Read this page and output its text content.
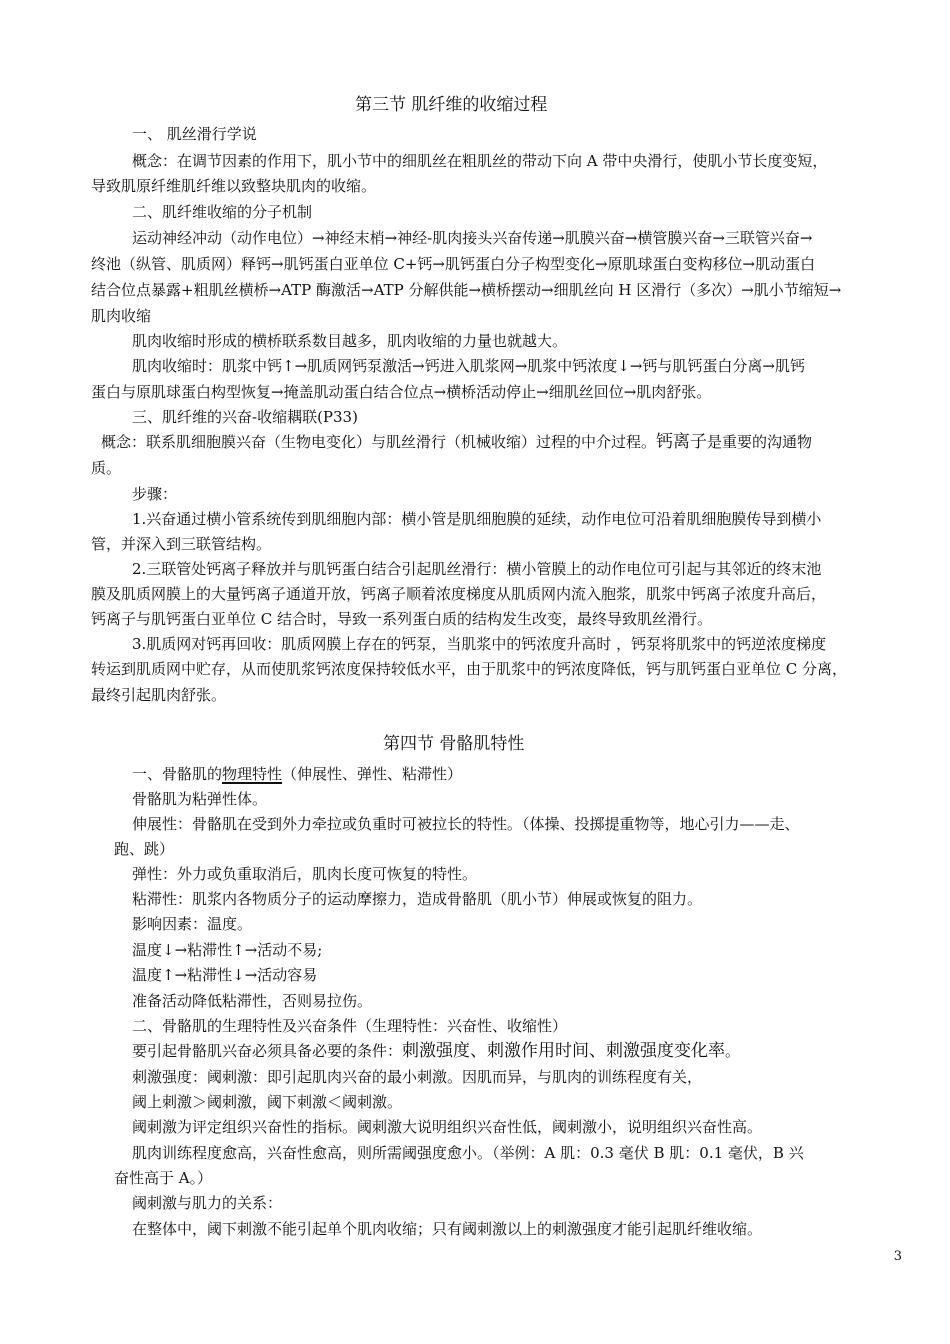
第三节 肌纤维的收缩过程
一、 肌丝滑行学说
概念：在调节因素的作用下，肌小节中的细肌丝在粗肌丝的带动下向 A 带中央滑行，使肌小节长度变短，
导致肌原纤维肌纤维以致整块肌肉的收缩。
二、肌纤维收缩的分子机制
运动神经冲动（动作电位）→神经末梢→神经-肌肉接头兴奋传递→肌膜兴奋→横管膜兴奋→三联管兴奋→
终池（纵管、肌质网）释钙→肌钙蛋白亚单位 C+钙→肌钙蛋白分子构型变化→原肌球蛋白变构移位→肌动蛋白
结合位点暴露+粗肌丝横桥→ATP 酶激活→ATP 分解供能→横桥摆动→细肌丝向 H 区滑行（多次）→肌小节缩短→
肌肉收缩
肌肉收缩时形成的横桥联系数目越多，肌肉收缩的力量也就越大。
肌肉收缩时：肌浆中钙↑→肌质网钙泵激活→钙进入肌浆网→肌浆中钙浓度↓→钙与肌钙蛋白分离→肌钙
蛋白与原肌球蛋白构型恢复→掩盖肌动蛋白结合位点→横桥活动停止→细肌丝回位→肌肉舒张。
三、肌纤维的兴奋-收缩耦联(P33)
概念：联系肌细胞膜兴奋（生物电变化）与肌丝滑行（机械收缩）过程的中介过程。钙离子是重要的沟通物
质。
步骤：
1.兴奋通过横小管系统传到肌细胞内部：横小管是肌细胞膜的延续，动作电位可沿着肌细胞膜传导到横小
管，并深入到三联管结构。
2.三联管处钙离子释放并与肌钙蛋白结合引起肌丝滑行：横小管膜上的动作电位可引起与其邻近的终末池
膜及肌质网膜上的大量钙离子通道开放，钙离子顺着浓度梯度从肌质网内流入胞浆，肌浆中钙离子浓度升高后，
钙离子与肌钙蛋白亚单位 C 结合时，导致一系列蛋白质的结构发生改变，最终导致肌丝滑行。
3.肌质网对钙再回收：肌质网膜上存在的钙泵，当肌浆中的钙浓度升高时 ，钙泵将肌浆中的钙逆浓度梯度
转运到肌质网中贮存，从而使肌浆钙浓度保持较低水平，由于肌浆中的钙浓度降低，钙与肌钙蛋白亚单位 C 分离，
最终引起肌肉舒张。
第四节 骨骼肌特性
一、骨骼肌的物理特性（伸展性、弹性、粘滞性）
骨骼肌为粘弹性体。
伸展性：骨骼肌在受到外力牵拉或负重时可被拉长的特性。（体操、投掷提重物等，地心引力——走、
跑、跳）
弹性：外力或负重取消后，肌肉长度可恢复的特性。
粘滞性：肌浆内各物质分子的运动摩擦力，造成骨骼肌（肌小节）伸展或恢复的阻力。
影响因素：温度。
温度↓→粘滞性↑→活动不易;
温度↑→粘滞性↓→活动容易
准备活动降低粘滞性，否则易拉伤。
二、骨骼肌的生理特性及兴奋条件（生理特性：兴奋性、收缩性）
要引起骨骼肌兴奋必须具备必要的条件：刺激强度、刺激作用时间、刺激强度变化率。
刺激强度：阈刺激：即引起肌肉兴奋的最小刺激。因肌而异，与肌肉的训练程度有关，
阈上刺激＞阈刺激，阈下刺激＜阈刺激。
阈刺激为评定组织兴奋性的指标。阈刺激大说明组织兴奋性低，阈刺激小，说明组织兴奋性高。
肌肉训练程度愈高，兴奋性愈高，则所需阈强度愈小。（举例：A 肌：0.3 毫伏 B 肌：0.1 毫伏，B 兴
奋性高于 A。）
阈刺激与肌力的关系：
在整体中，阈下刺激不能引起单个肌肉收缩；只有阈刺激以上的刺激强度才能引起肌纤维收缩。
3
